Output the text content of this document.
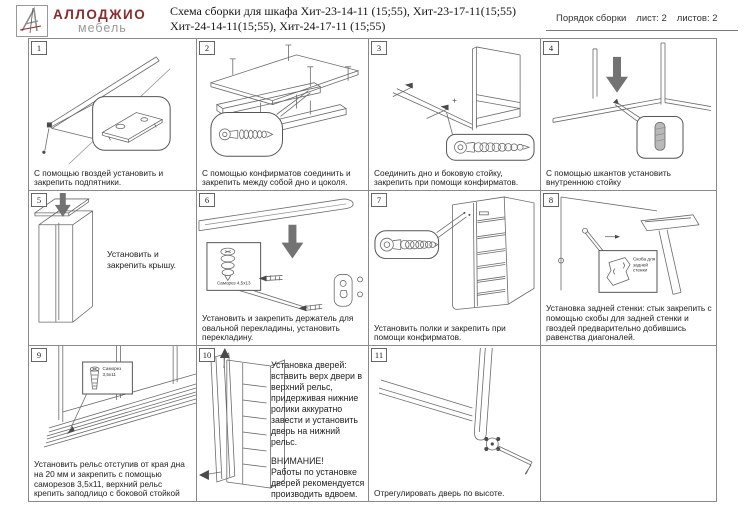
АЛЛОДЖИО
мебель
Схема сборки для шкафа Хит-23-14-11 (15;55), Хит-23-17-11(15;55)
Хит-24-14-11(15;55), Хит-24-17-11 (15;55)
Порядок сборки лист: 2 листов: 2
1
С помощью гвоздей установить и закрепить подпятники.
2
С помощью конфирматов соединить и закрепить между собой дно и цоколя.
3
Соединить дно и боковую стойку, закрепить при помощи конфирматов.
4
С помощью шкантов установить внутреннюю стойку
5
Установить и закрепить крышу.
6
Саморез 4,5х13
Установить и закрепить держатель для овальной перекладины, установить перекладину.
7
Установить полки и закрепить при помощи конфирматов.
8
Скоба для задней стенки
Установка задней стенки: стык закрепить с помощью скобы для задней стенки и гвоздей предварительно добившись равенства диагоналей.
9
Саморез 3,5х11
Установить рельс отступив от края дна на 20 мм и закрепить с помощью саморезов 3,5х11, верхний рельс крепить заподлицо с боковой стойкой
10
Установка дверей: вставить верх двери в верхний рельс, придерживая нижние ролики аккуратно завести и установить дверь на нижний рельс.
ВНИМАНИЕ!
Работы по установке дверей рекомендуется производить вдвоем.
11
Отрегулировать дверь по высоте.
